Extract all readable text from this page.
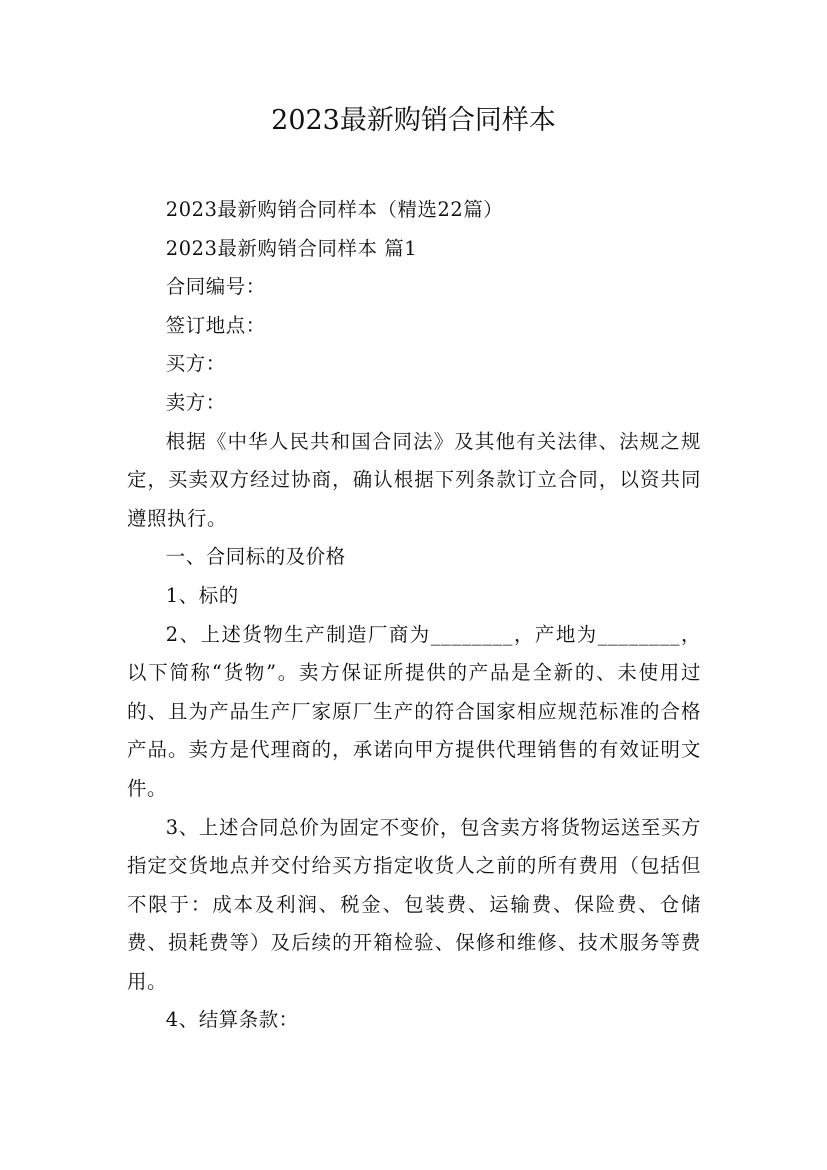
2023最新购销合同样本

2023最新购销合同样本（精选22篇）

2023最新购销合同样本 篇1

合同编号：

签订地点：

买方：

卖方：

根据《中华人民共和国合同法》及其他有关法律、法规之规定，买卖双方经过协商，确认根据下列条款订立合同，以资共同遵照执行。

一、合同标的及价格

1、标的

2、上述货物生产制造厂商为________，产地为________，以下简称“货物”。卖方保证所提供的产品是全新的、未使用过的、且为产品生产厂家原厂生产的符合国家相应规范标准的合格产品。卖方是代理商的，承诺向甲方提供代理销售的有效证明文件。

3、上述合同总价为固定不变价，包含卖方将货物运送至买方指定交货地点并交付给买方指定收货人之前的所有费用（包括但不限于：成本及利润、税金、包装费、运输费、保险费、仓储费、损耗费等）及后续的开箱检验、保修和维修、技术服务等费用。

4、结算条款：
